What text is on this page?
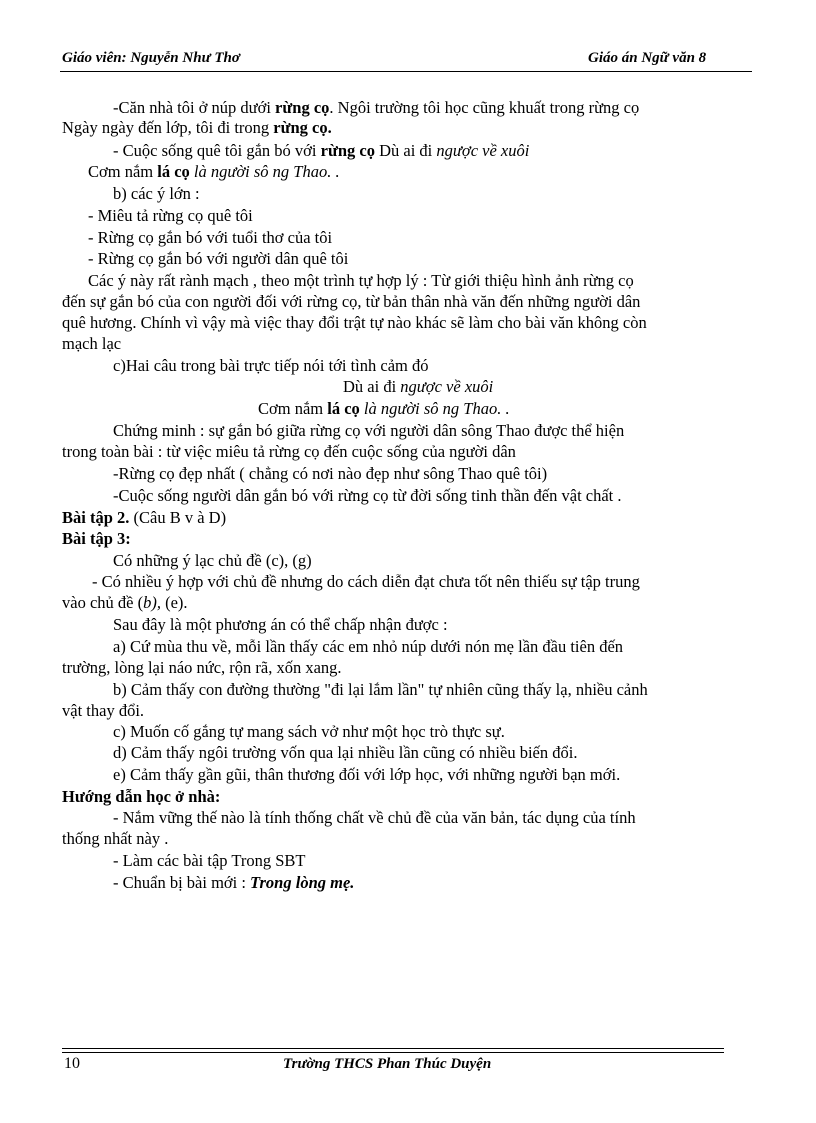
Giáo viên: Nguyễn Như Thơ	Giáo án Ngữ văn 8
-Căn nhà tôi ở núp dưới rừng cọ. Ngôi trường tôi học cũng khuất trong rừng cọ
Ngày ngày đến lớp, tôi đi trong rừng cọ.
- Cuộc sống quê tôi gắn bó với rừng cọ Dù ai đi ngược về xuôi
Cơm nắm lá cọ là người sô ng Thao. .
b) các ý lớn :
- Miêu tả rừng cọ quê tôi
- Rừng cọ gắn bó với tuổi thơ của tôi
- Rừng cọ gắn bó với người dân quê tôi
Các ý này rất rành mạch , theo một trình tự hợp lý : Từ giới thiệu hình ảnh rừng cọ
đến sự gắn bó của con người đối với rừng cọ, từ bản thân nhà văn đến những người dân
quê hương. Chính vì vậy mà việc thay đổi trật tự nào khác sẽ làm cho bài văn không còn
mạch lạc
c)Hai câu trong bài trực tiếp nói tới tình cảm đó
Dù ai đi ngược về xuôi
Cơm nắm lá cọ là người sô ng Thao. .
Chứng minh : sự gắn bó giữa rừng cọ với người dân sông Thao được thể hiện
trong toàn bài : từ việc miêu tả rừng cọ đến cuộc sống của người dân
-Rừng cọ đẹp nhất ( chẳng có nơi nào đẹp như sông Thao quê tôi)
-Cuộc sống người dân gắn bó với rừng cọ từ đời sống tinh thần đến vật chất .
Bài tập 2. (Câu B v à D)
Bài tập 3:
Có những ý lạc chủ đề (c), (g)
- Có nhiều ý hợp với chủ đề nhưng do cách diễn đạt chưa tốt nên thiếu sự tập trung
vào chủ đề (b), (e).
Sau đây là một phương án có thể chấp nhận được :
a) Cứ mùa thu về, mỗi lần thấy các em nhỏ núp dưới nón mẹ lần đầu tiên đến
trường, lòng lại náo nức, rộn rã, xốn xang.
b) Cảm thấy con đường thường "đi lại lắm lần" tự nhiên cũng thấy lạ, nhiều cảnh
vật thay đổi.
c) Muốn cố gắng tự mang sách vở như một học trò thực sự.
d) Cảm thấy ngôi trường vốn qua lại nhiều lần cũng có nhiều biến đổi.
e) Cảm thấy gần gũi, thân thương đối với lớp học, với những người bạn mới.
Hướng dẫn học ở nhà:
- Nắm vững thế nào là tính thống chất về chủ đề của văn bản, tác dụng của tính
thống nhất này .
- Làm các bài tập Trong SBT
- Chuẩn bị bài mới : Trong lòng mẹ.
10	Trường THCS Phan Thúc Duyện
